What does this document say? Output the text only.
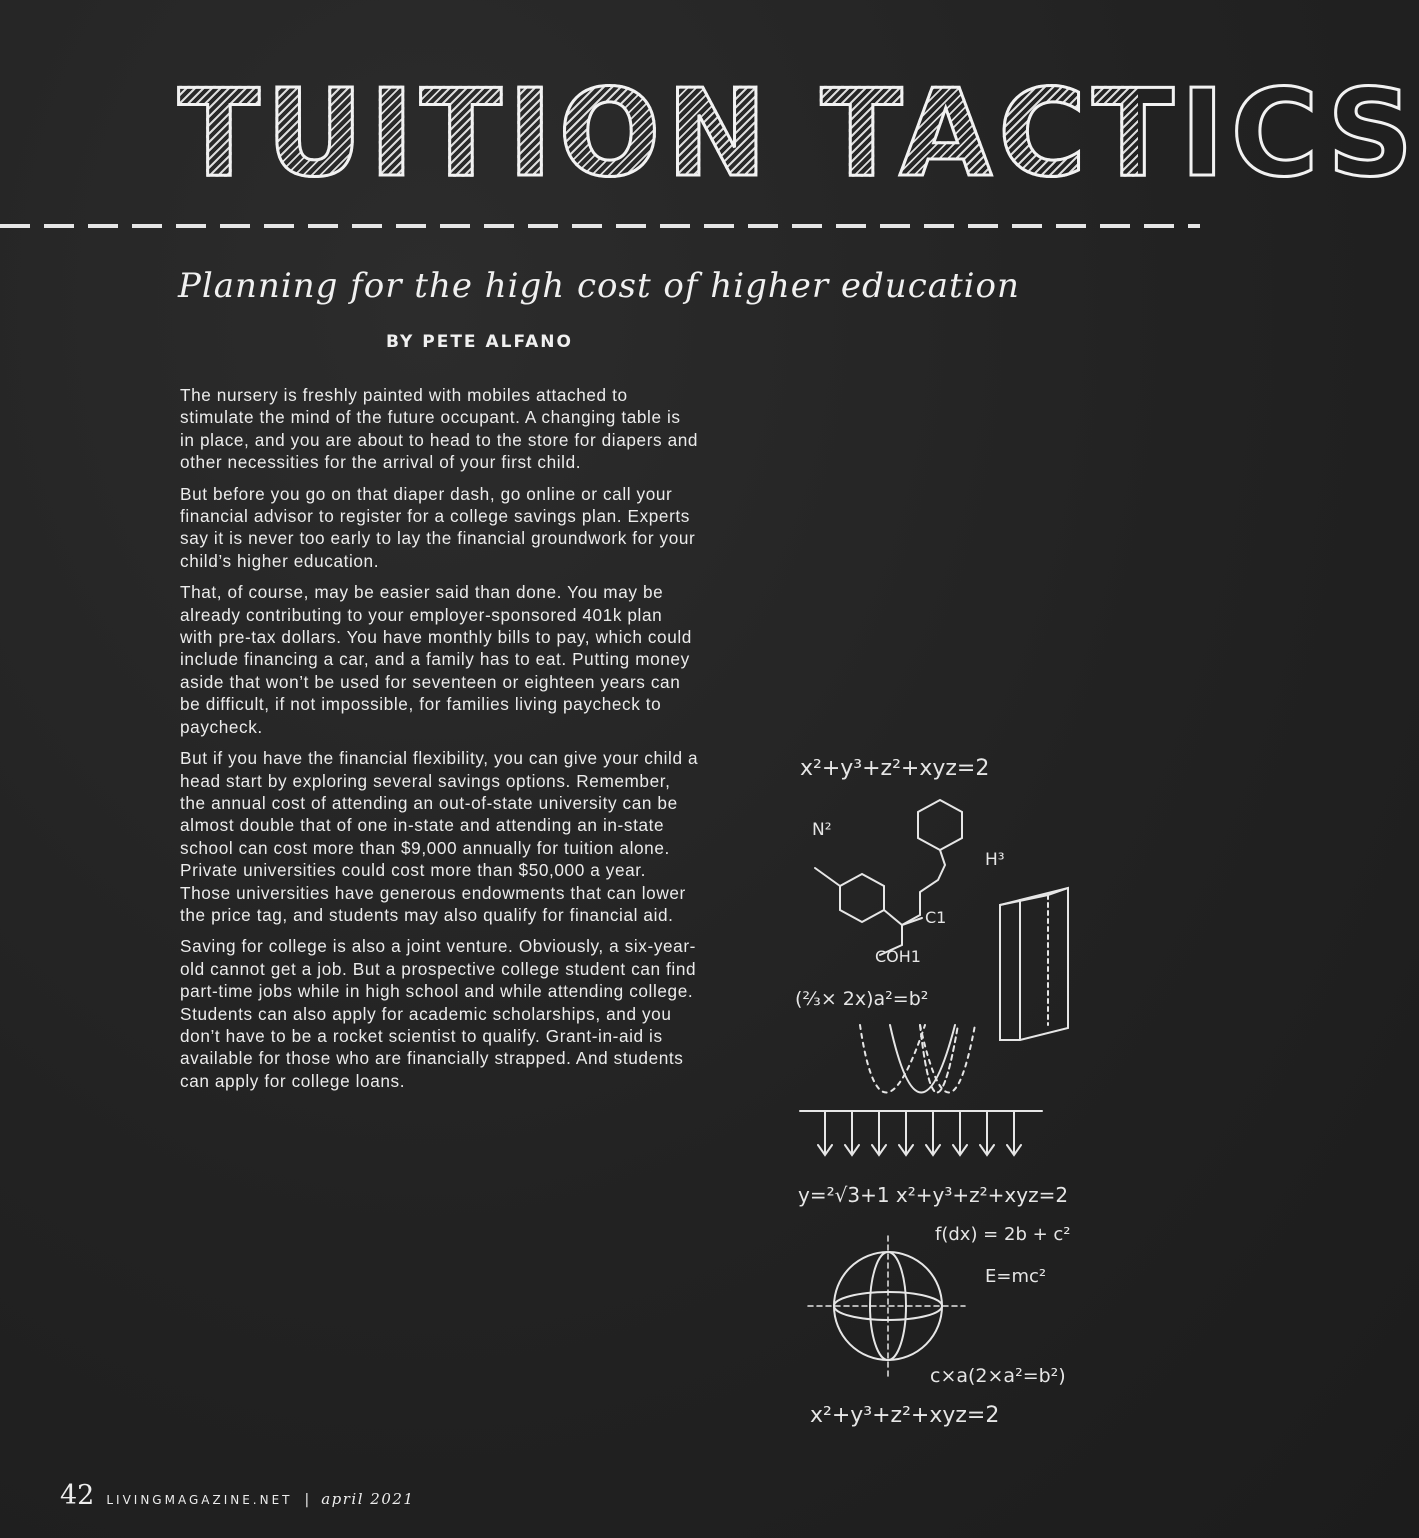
TUITION TACTICS
Planning for the high cost of higher education
BY PETE ALFANO

The nursery is freshly painted with mobiles attached to stimulate the mind of the future occupant. A changing table is in place, and you are about to head to the store for diapers and other necessities for the arrival of your first child.

But before you go on that diaper dash, go online or call your financial advisor to register for a college savings plan. Experts say it is never too early to lay the financial groundwork for your child’s higher education.

That, of course, may be easier said than done. You may be already contributing to your employer-sponsored 401k plan with pre-tax dollars. You have monthly bills to pay, which could include financing a car, and a family has to eat. Putting money aside that won’t be used for seventeen or eighteen years can be difficult, if not impossible, for families living paycheck to paycheck.

But if you have the financial flexibility, you can give your child a head start by exploring several savings options. Remember, the annual cost of attending an out-of-state university can be almost double that of one in-state and attending an in-state school can cost more than $9,000 annually for tuition alone. Private universities could cost more than $50,000 a year. Those universities have generous endowments that can lower the price tag, and students may also qualify for financial aid.

Saving for college is also a joint venture. Obviously, a six-year-old cannot get a job. But a prospective college student can find part-time jobs while in high school and while attending college. Students can also apply for academic scholarships, and you don’t have to be a rocket scientist to qualify. Grant-in-aid is available for those who are financially strapped. And students can apply for college loans.

x²+y³+z²+xyz=2
N²
H³
C1
COH1
(⅔× 2x)a²=b²
y=²√3+1 x²+y³+z²+xyz=2
f(dx) = 2b + c²
E=mc²
c×a(2×a²=b²)
x²+y³+z²+xyz=2
42 LIVINGMAGAZINE.NET | april 2021
